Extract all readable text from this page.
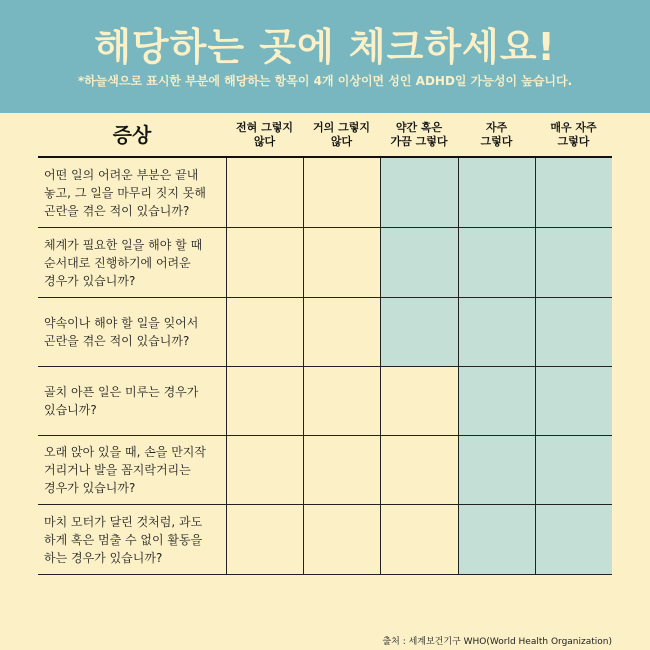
해당하는 곳에 체크하세요!
*하늘색으로 표시한 부분에 해당하는 항목이 4개 이상이면 성인 ADHD일 가능성이 높습니다.
증상	전혀 그렇지
않다
거의 그렇지
않다
약간 혹은
가끔 그렇다
자주
그렇다
매우 자주
그렇다
어떤 일의 어려운 부분은 끝내
놓고, 그 일을 마무리 짓지 못해
곤란을 겪은 적이 있습니까?
체계가 필요한 일을 해야 할 때
순서대로 진행하기에 어려운
경우가 있습니까?
약속이나 해야 할 일을 잊어서
곤란을 겪은 적이 있습니까?
골치 아픈 일은 미루는 경우가
있습니까?
오래 앉아 있을 때, 손을 만지작
거리거나 발을 꼼지락거리는
경우가 있습니까?
마치 모터가 달린 것처럼, 과도
하게 혹은 멈출 수 없이 활동을
하는 경우가 있습니까?
출처 : 세계보건기구 WHO(World Health Organization)
